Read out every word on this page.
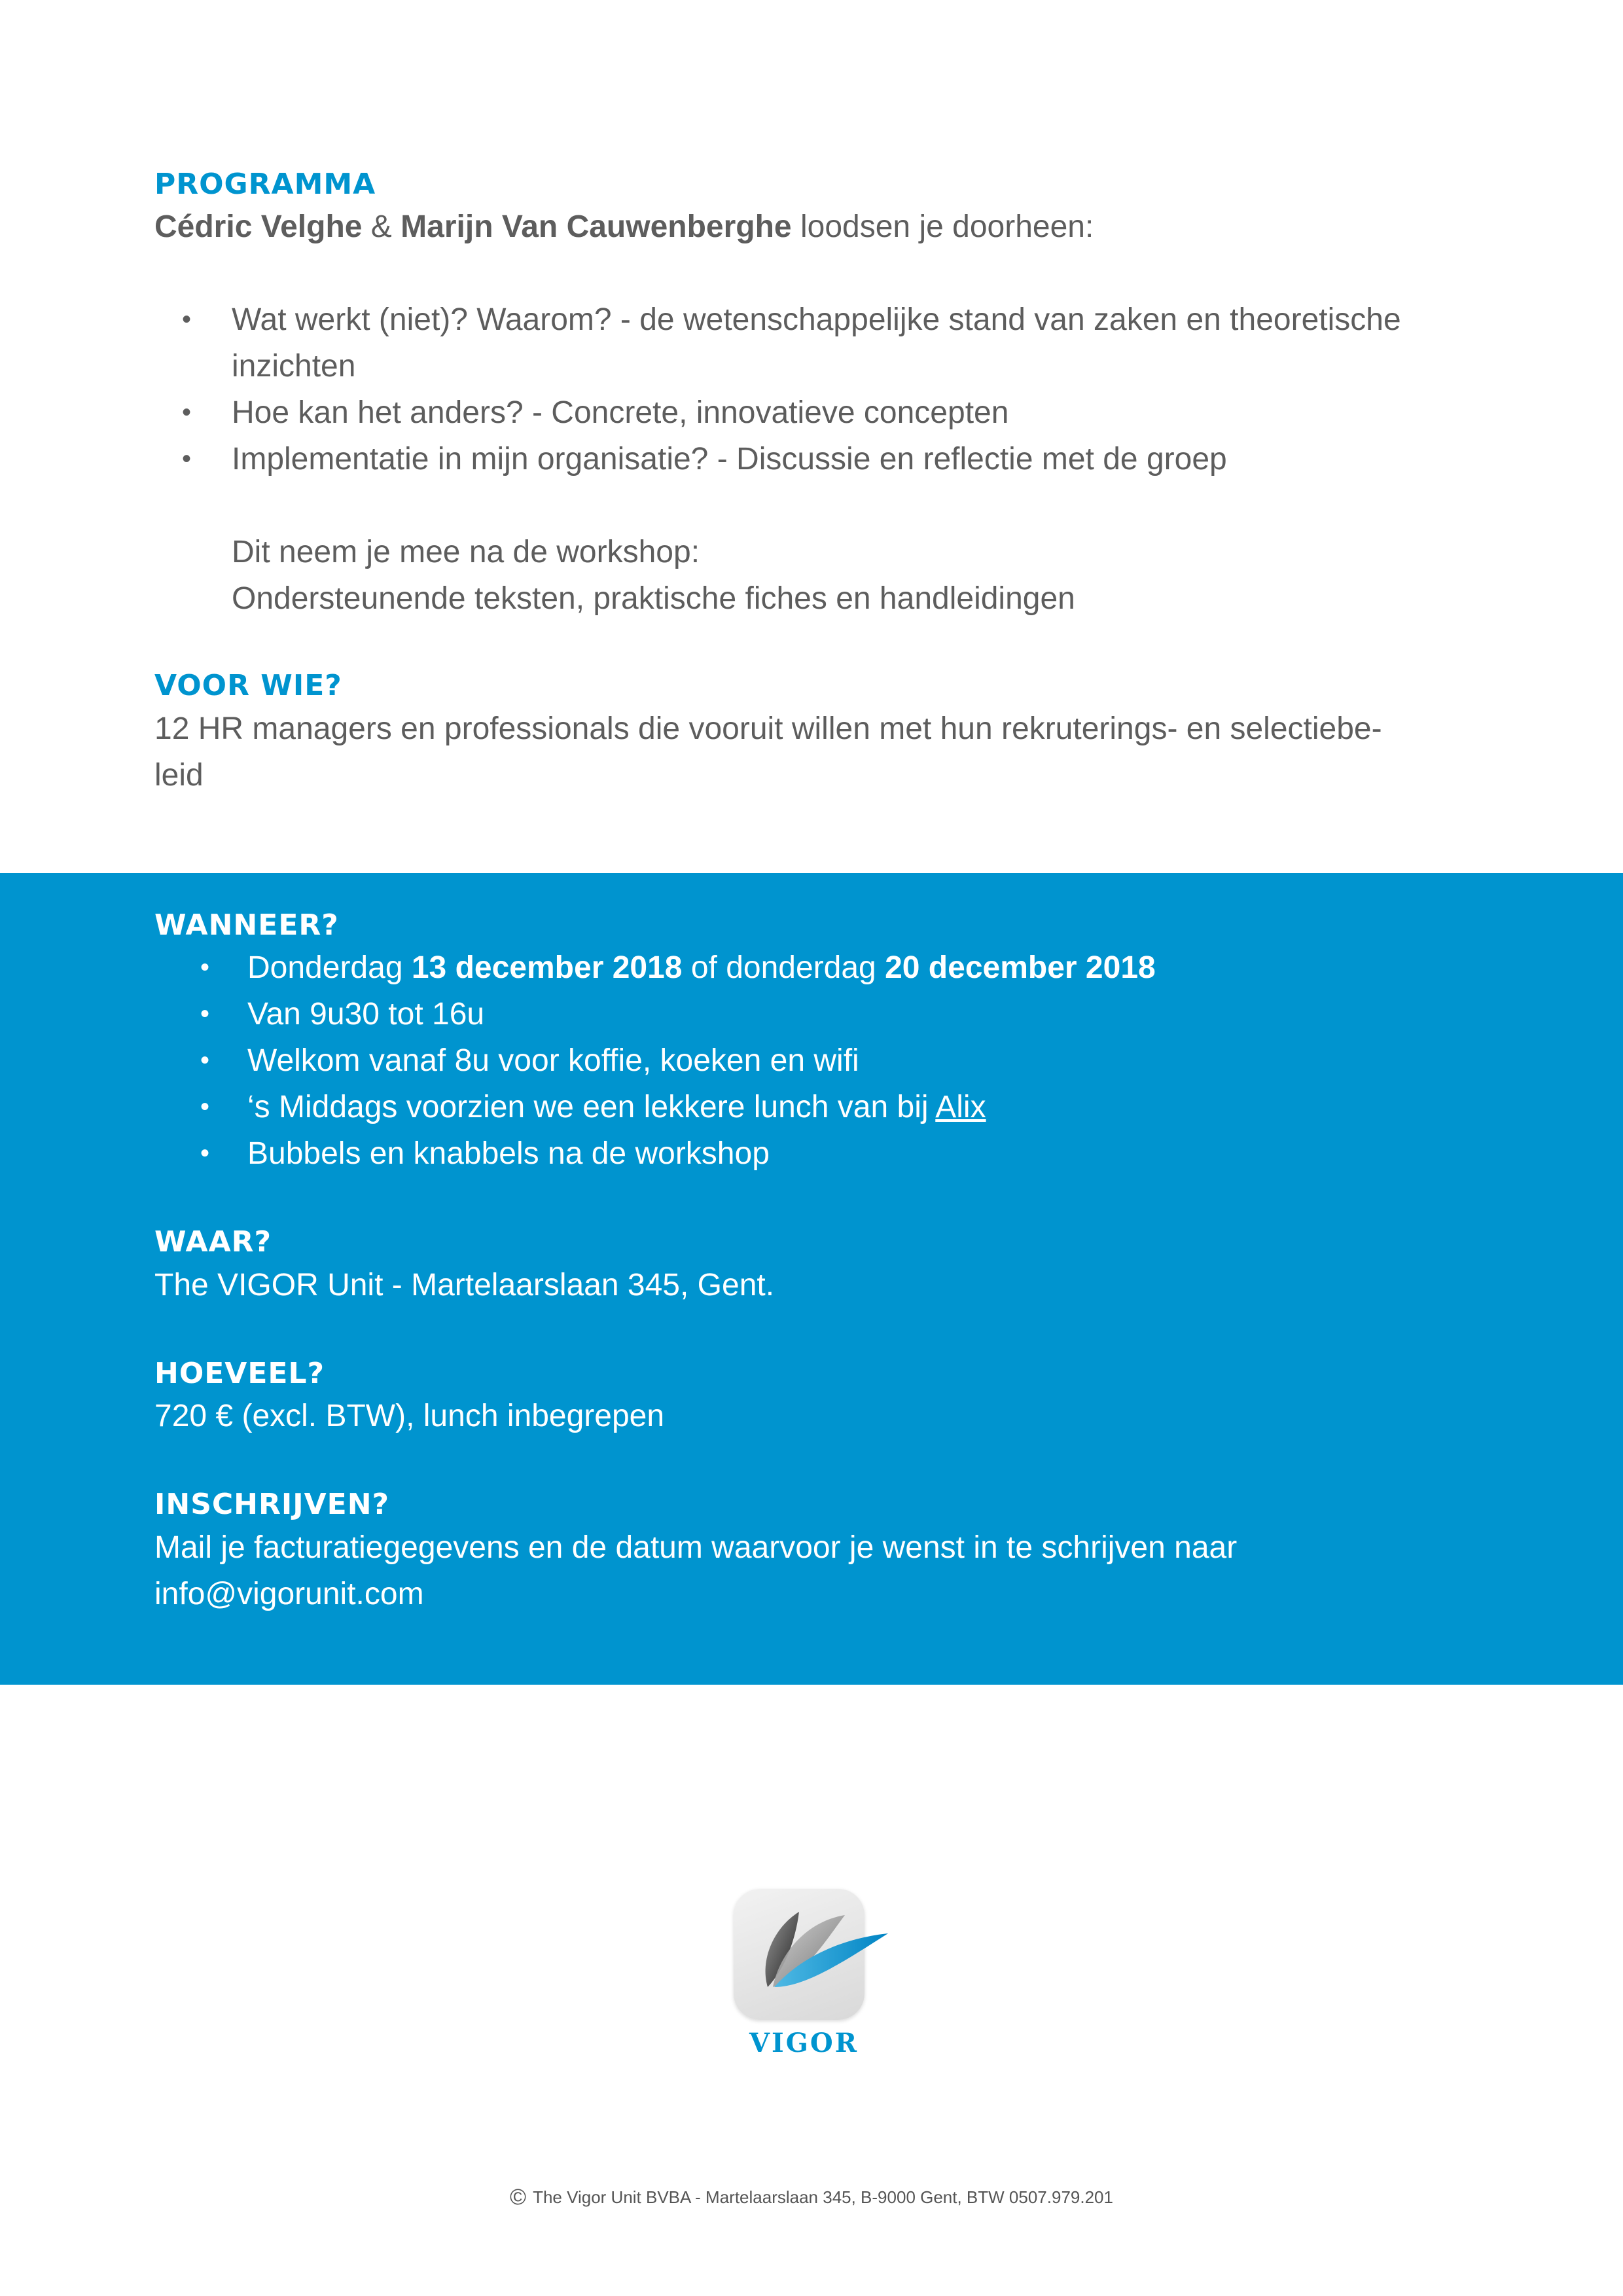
PROGRAMMA

Cédric Velghe & Marijn Van Cauwenberghe loodsen je doorheen:

• Wat werkt (niet)? Waarom? - de wetenschappelijke stand van zaken en theoretische inzichten
• Hoe kan het anders? - Concrete, innovatieve concepten
• Implementatie in mijn organisatie? - Discussie en reflectie met de groep

Dit neem je mee na de workshop:

Ondersteunende teksten, praktische fiches en handleidingen

VOOR WIE?

12 HR managers en professionals die vooruit willen met hun rekruterings- en selectiebe-
leid

WANNEER?
• Donderdag 13 december 2018 of donderdag 20 december 2018
• Van 9u30 tot 16u
• Welkom vanaf 8u voor koffie, koeken en wifi
• ‘s Middags voorzien we een lekkere lunch van bij Alix
• Bubbels en knabbels na de workshop
WAAR?

The VIGOR Unit - Martelaarslaan 345, Gent.

HOEVEEL?

720 € (excl. BTW), lunch inbegrepen

INSCHRIJVEN?

Mail je facturatiegegevens en de datum waarvoor je wenst in te schrijven naar

info@vigorunit.com

VIGOR
© The Vigor Unit BVBA - Martelaarslaan 345, B-9000 Gent, BTW 0507.979.201
